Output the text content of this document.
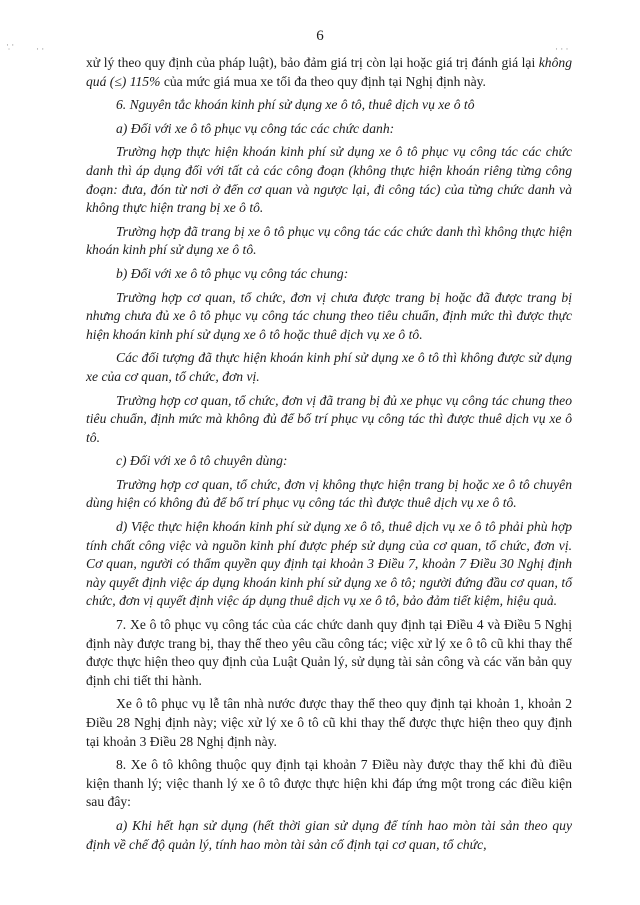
6
·̣ · · ·	· · ·

xử lý theo quy định của pháp luật), bảo đảm giá trị còn lại hoặc giá trị đánh giá lại không quá (≤) 115% của mức giá mua xe tối đa theo quy định tại Nghị định này.

6. Nguyên tắc khoán kinh phí sử dụng xe ô tô, thuê dịch vụ xe ô tô

a) Đối với xe ô tô phục vụ công tác các chức danh:

Trường hợp thực hiện khoán kinh phí sử dụng xe ô tô phục vụ công tác các chức danh thì áp dụng đối với tất cả các công đoạn (không thực hiện khoán riêng từng công đoạn: đưa, đón từ nơi ở đến cơ quan và ngược lại, đi công tác) của từng chức danh và không thực hiện trang bị xe ô tô.

Trường hợp đã trang bị xe ô tô phục vụ công tác các chức danh thì không thực hiện khoán kinh phí sử dụng xe ô tô.

b) Đối với xe ô tô phục vụ công tác chung:

Trường hợp cơ quan, tổ chức, đơn vị chưa được trang bị hoặc đã được trang bị nhưng chưa đủ xe ô tô phục vụ công tác chung theo tiêu chuẩn, định mức thì được thực hiện khoán kinh phí sử dụng xe ô tô hoặc thuê dịch vụ xe ô tô.

Các đối tượng đã thực hiện khoán kinh phí sử dụng xe ô tô thì không được sử dụng xe của cơ quan, tổ chức, đơn vị.

Trường hợp cơ quan, tổ chức, đơn vị đã trang bị đủ xe phục vụ công tác chung theo tiêu chuẩn, định mức mà không đủ để bố trí phục vụ công tác thì được thuê dịch vụ xe ô tô.

c) Đối với xe ô tô chuyên dùng:

Trường hợp cơ quan, tổ chức, đơn vị không thực hiện trang bị hoặc xe ô tô chuyên dùng hiện có không đủ để bố trí phục vụ công tác thì được thuê dịch vụ xe ô tô.

d) Việc thực hiện khoán kinh phí sử dụng xe ô tô, thuê dịch vụ xe ô tô phải phù hợp tính chất công việc và nguồn kinh phí được phép sử dụng của cơ quan, tổ chức, đơn vị. Cơ quan, người có thẩm quyền quy định tại khoản 3 Điều 7, khoản 7 Điều 30 Nghị định này quyết định việc áp dụng khoán kinh phí sử dụng xe ô tô; người đứng đầu cơ quan, tổ chức, đơn vị quyết định việc áp dụng thuê dịch vụ xe ô tô, bảo đảm tiết kiệm, hiệu quả.

7. Xe ô tô phục vụ công tác của các chức danh quy định tại Điều 4 và Điều 5 Nghị định này được trang bị, thay thế theo yêu cầu công tác; việc xử lý xe ô tô cũ khi thay thế được thực hiện theo quy định của Luật Quản lý, sử dụng tài sản công và các văn bản quy định chi tiết thi hành.

Xe ô tô phục vụ lễ tân nhà nước được thay thế theo quy định tại khoản 1, khoản 2 Điều 28 Nghị định này; việc xử lý xe ô tô cũ khi thay thế được thực hiện theo quy định tại khoản 3 Điều 28 Nghị định này.

8. Xe ô tô không thuộc quy định tại khoản 7 Điều này được thay thế khi đủ điều kiện thanh lý; việc thanh lý xe ô tô được thực hiện khi đáp ứng một trong các điều kiện sau đây:

a) Khi hết hạn sử dụng (hết thời gian sử dụng để tính hao mòn tài sản theo quy định về chế độ quản lý, tính hao mòn tài sản cố định tại cơ quan, tổ chức,
